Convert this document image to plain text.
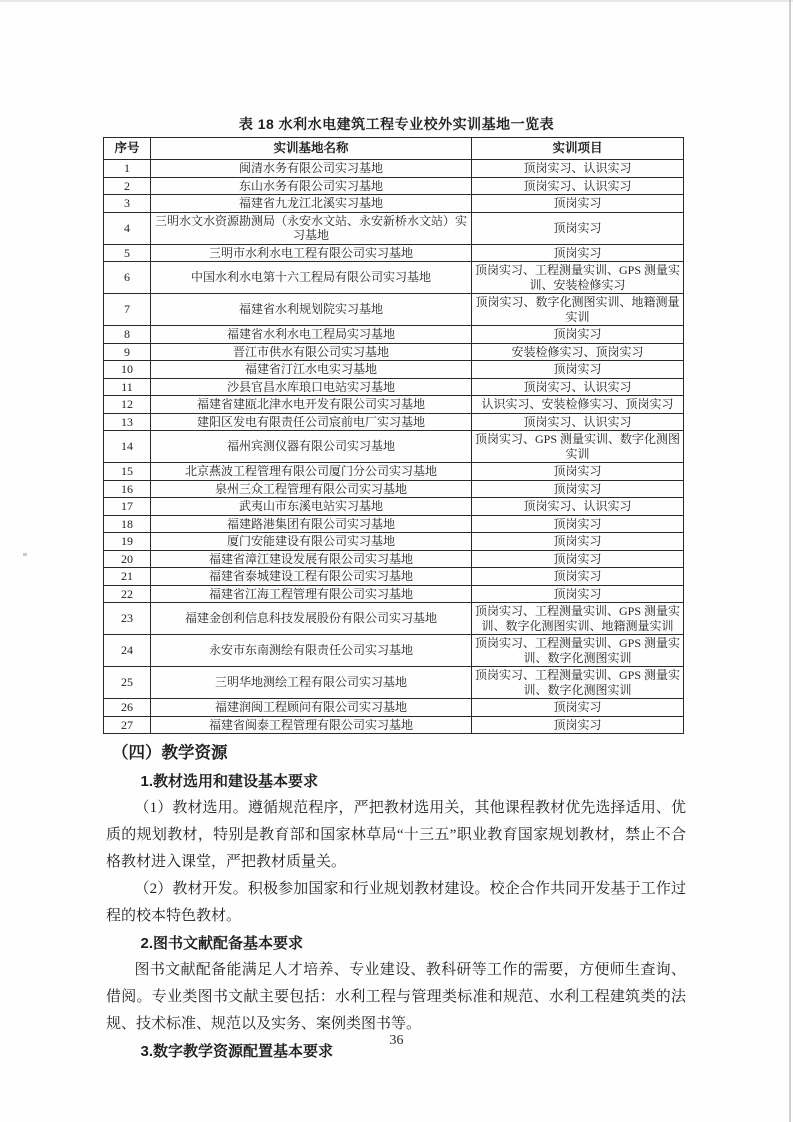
表 18 水利水电建筑工程专业校外实训基地一览表
序号	实训基地名称	实训项目
1	闽清水务有限公司实习基地	顶岗实习、认识实习
2	东山水务有限公司实习基地	顶岗实习、认识实习
3	福建省九龙江北溪实习基地	顶岗实习
4	三明水文水资源勘测局（永安水文站、永安新桥水文站）实习基地	顶岗实习
5	三明市水利水电工程有限公司实习基地	顶岗实习
6	中国水利水电第十六工程局有限公司实习基地	顶岗实习、工程测量实训、GPS 测量实训、安装检修实习
7	福建省水利规划院实习基地	顶岗实习、数字化测图实训、地籍测量实训
8	福建省水利水电工程局实习基地	顶岗实习
9	晋江市供水有限公司实习基地	安装检修实习、顶岗实习
10	福建省汀江水电实习基地	顶岗实习
11	沙县官昌水库琅口电站实习基地	顶岗实习、认识实习
12	福建省建瓯北津水电开发有限公司实习基地	认识实习、安装检修实习、顶岗实习
13	建阳区发电有限责任公司宸前电厂实习基地	顶岗实习、认识实习
14	福州宾测仪器有限公司实习基地	顶岗实习、GPS 测量实训、数字化测图实训
15	北京燕波工程管理有限公司厦门分公司实习基地	顶岗实习
16	泉州三众工程管理有限公司实习基地	顶岗实习
17	武夷山市东溪电站实习基地	顶岗实习、认识实习
18	福建路港集团有限公司实习基地	顶岗实习
19	厦门安能建设有限公司实习基地	顶岗实习
20	福建省漳江建设发展有限公司实习基地	顶岗实习
21	福建省泰城建设工程有限公司实习基地	顶岗实习
22	福建省江海工程管理有限公司实习基地	顶岗实习
23	福建金创利信息科技发展股份有限公司实习基地	顶岗实习、工程测量实训、GPS 测量实训、数字化测图实训、地籍测量实训
24	永安市东南测绘有限责任公司实习基地	顶岗实习、工程测量实训、GPS 测量实训、数字化测图实训
25	三明华地测绘工程有限公司实习基地	顶岗实习、工程测量实训、GPS 测量实训、数字化测图实训
26	福建润闽工程顾问有限公司实习基地	顶岗实习
27	福建省闽泰工程管理有限公司实习基地	顶岗实习
（四）教学资源
1.教材选用和建设基本要求
（1）教材选用。遵循规范程序，严把教材选用关，其他课程教材优先选择适用、优质的规划教材，特别是教育部和国家林草局“十三五”职业教育国家规划教材，禁止不合格教材进入课堂，严把教材质量关。
（2）教材开发。积极参加国家和行业规划教材建设。校企合作共同开发基于工作过程的校本特色教材。
2.图书文献配备基本要求
图书文献配备能满足人才培养、专业建设、教科研等工作的需要，方便师生查询、借阅。专业类图书文献主要包括：水利工程与管理类标准和规范、水利工程建筑类的法规、技术标准、规范以及实务、案例类图书等。
3.数字教学资源配置基本要求
36
